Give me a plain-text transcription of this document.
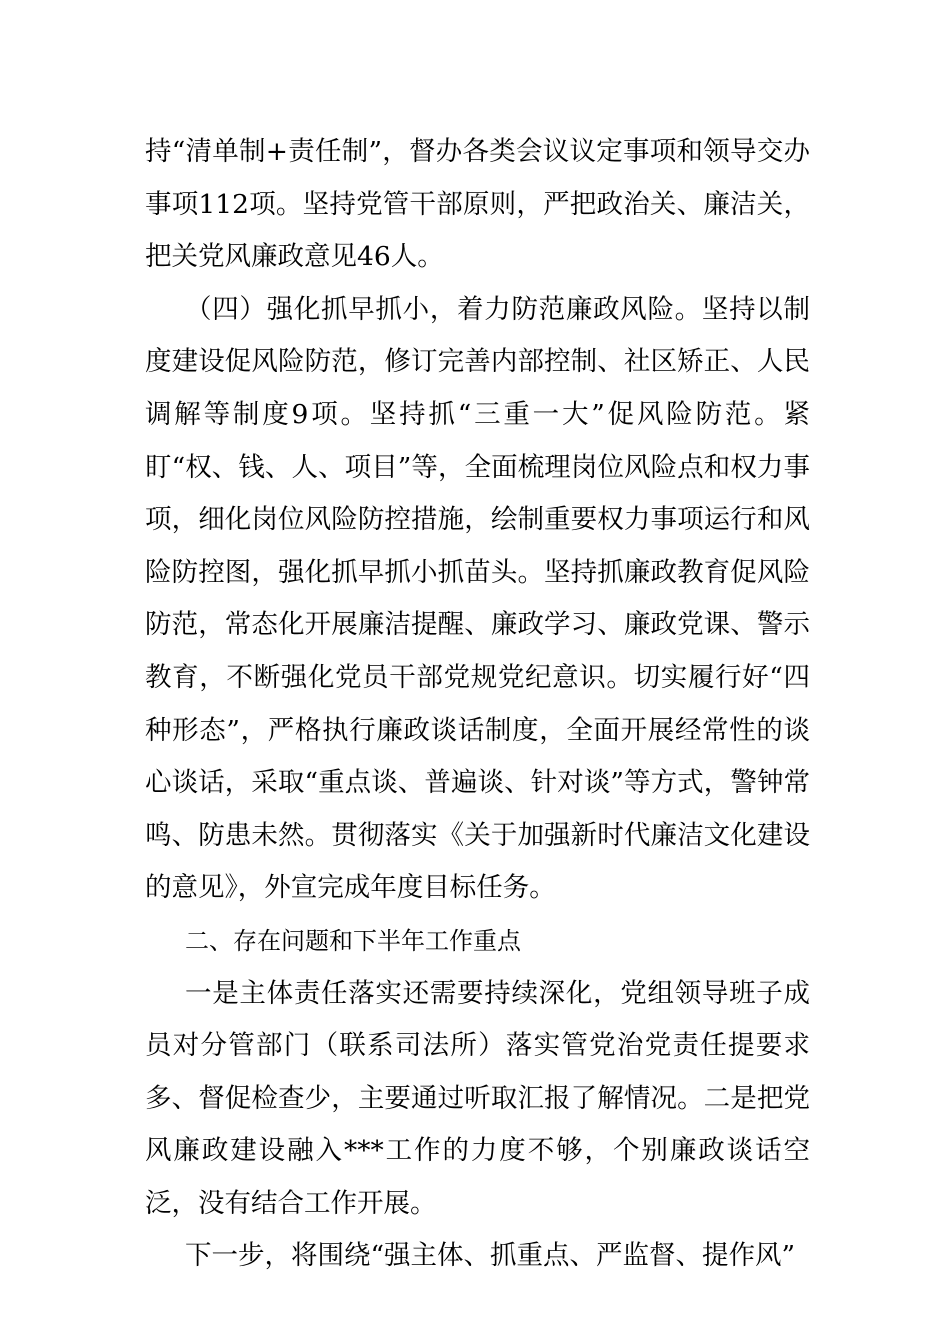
持“清单制+责任制”，督办各类会议议定事项和领导交办事项112项。坚持党管干部原则，严把政治关、廉洁关，把关党风廉政意见46人。

（四）强化抓早抓小，着力防范廉政风险。坚持以制度建设促风险防范，修订完善内部控制、社区矫正、人民调解等制度9项。坚持抓“三重一大”促风险防范。紧盯“权、钱、人、项目”等，全面梳理岗位风险点和权力事项，细化岗位风险防控措施，绘制重要权力事项运行和风险防控图，强化抓早抓小抓苗头。坚持抓廉政教育促风险防范，常态化开展廉洁提醒、廉政学习、廉政党课、警示教育，不断强化党员干部党规党纪意识。切实履行好“四种形态”，严格执行廉政谈话制度，全面开展经常性的谈心谈话，采取“重点谈、普遍谈、针对谈”等方式，警钟常鸣、防患未然。贯彻落实《关于加强新时代廉洁文化建设的意见》，外宣完成年度目标任务。

二、存在问题和下半年工作重点

一是主体责任落实还需要持续深化，党组领导班子成员对分管部门（联系司法所）落实管党治党责任提要求多、督促检查少，主要通过听取汇报了解情况。二是把党风廉政建设融入***工作的力度不够，个别廉政谈话空泛，没有结合工作开展。

下一步，将围绕“强主体、抓重点、严监督、提作风”
